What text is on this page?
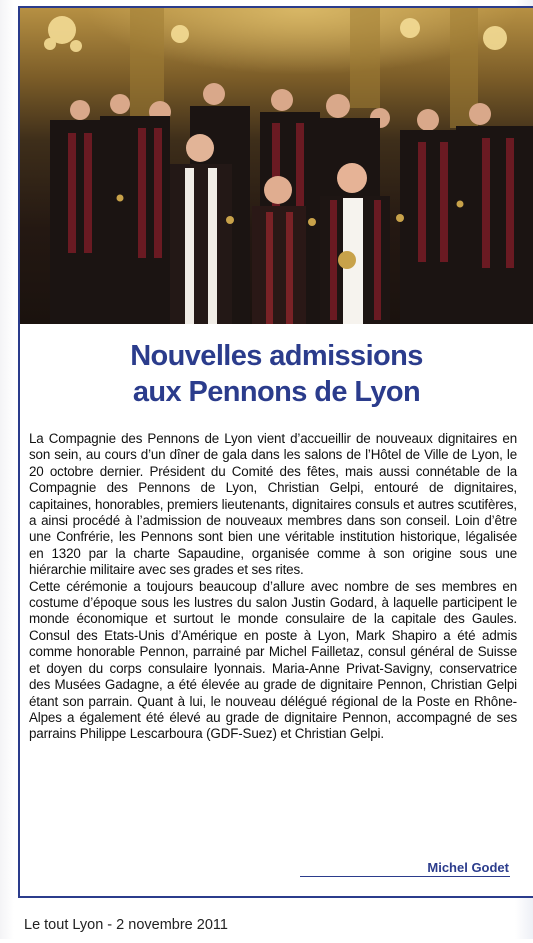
Nouvelles admissions
aux Pennons de Lyon

La Compagnie des Pennons de Lyon vient d’accueillir de nouveaux dignitaires en son sein, au cours d’un dîner de gala dans les salons de l’Hôtel de Ville de Lyon, le 20 octobre dernier. Président du Comité des fêtes, mais aussi connétable de la Compagnie des Pennons de Lyon, Christian Gelpi, entouré de dignitaires, capitaines, honorables, premiers lieutenants, dignitaires consuls et autres scutifères, a ainsi procédé à l’admission de nouveaux membres dans son conseil. Loin d’être une Confrérie, les Pennons sont bien une véritable institution historique, légalisée en 1320 par la charte Sapaudine, organisée comme à son origine sous une hiérarchie militaire avec ses grades et ses rites.

Cette cérémonie a toujours beaucoup d’allure avec nombre de ses membres en costume d’époque sous les lustres du salon Justin Godard, à laquelle participent le monde économique et surtout le monde consulaire de la capitale des Gaules. Consul des Etats-Unis d’Amérique en poste à Lyon, Mark Shapiro a été admis comme honorable Pennon, parrainé par Michel Failletaz, consul général de Suisse et doyen du corps consulaire lyonnais. Maria-Anne Privat-Savigny, conservatrice des Musées Gadagne, a été élevée au grade de dignitaire Pennon, Christian Gelpi étant son parrain. Quant à lui, le nouveau délégué régional de la Poste en Rhône-Alpes a également été élevé au grade de dignitaire Pennon, accompagné de ses parrains Philippe Lescarboura (GDF-Suez) et Christian Gelpi.

Michel Godet
Le tout Lyon - 2 novembre 2011
